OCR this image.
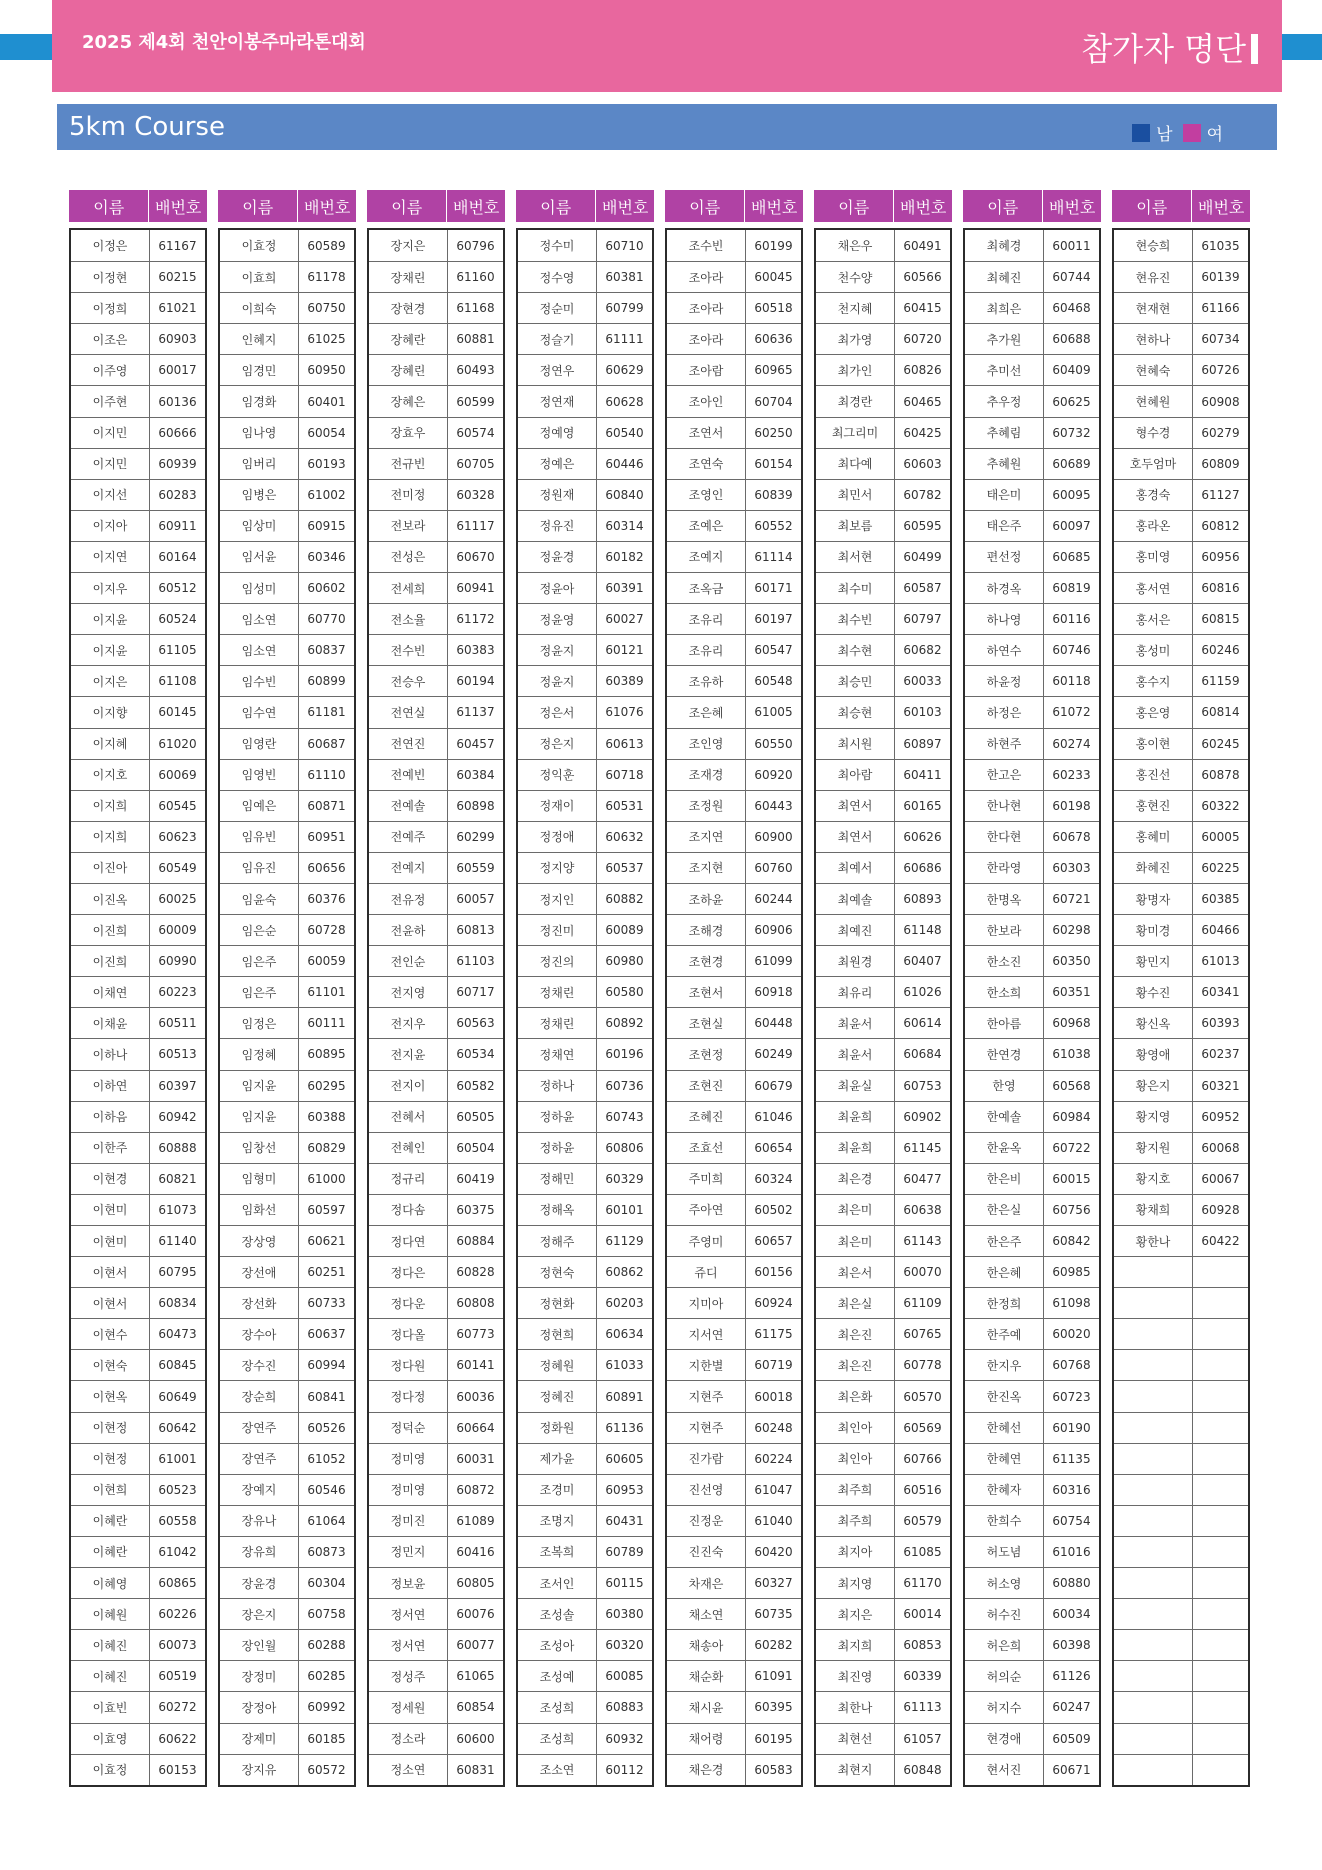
2025 제4회 천안이봉주마라톤대회	참가자 명단
5km Course	남 여
이름	배번호
이정은	61167
이정현	60215
이정희	61021
이조은	60903
이주영	60017
이주현	60136
이지민	60666
이지민	60939
이지선	60283
이지아	60911
이지연	60164
이지우	60512
이지윤	60524
이지윤	61105
이지은	61108
이지향	60145
이지혜	61020
이지호	60069
이지희	60545
이지희	60623
이진아	60549
이진옥	60025
이진희	60009
이진희	60990
이채연	60223
이채윤	60511
이하나	60513
이하연	60397
이하음	60942
이한주	60888
이현경	60821
이현미	61073
이현미	61140
이현서	60795
이현서	60834
이현수	60473
이현숙	60845
이현옥	60649
이현정	60642
이현정	61001
이현희	60523
이혜란	60558
이혜란	61042
이혜영	60865
이혜원	60226
이혜진	60073
이혜진	60519
이효빈	60272
이효영	60622
이효정	60153
이름	배번호
이효정	60589
이효희	61178
이희숙	60750
인혜지	61025
임경민	60950
임경화	60401
임나영	60054
임버리	60193
임병은	61002
임상미	60915
임서윤	60346
임성미	60602
임소연	60770
임소연	60837
임수빈	60899
임수연	61181
임영란	60687
임영빈	61110
임예은	60871
임유빈	60951
임유진	60656
임윤숙	60376
임은순	60728
임은주	60059
임은주	61101
임정은	60111
임정혜	60895
임지윤	60295
임지윤	60388
임창선	60829
임형미	61000
임화선	60597
장상영	60621
장선애	60251
장선화	60733
장수아	60637
장수진	60994
장순희	60841
장연주	60526
장연주	61052
장예지	60546
장유나	61064
장유희	60873
장윤경	60304
장은지	60758
장인월	60288
장정미	60285
장정아	60992
장제미	60185
장지유	60572
이름	배번호
장지은	60796
장채린	61160
장현경	61168
장혜란	60881
장혜린	60493
장혜은	60599
장효우	60574
전규빈	60705
전미정	60328
전보라	61117
전성은	60670
전세희	60941
전소율	61172
전수빈	60383
전승우	60194
전연실	61137
전연진	60457
전예빈	60384
전예솔	60898
전예주	60299
전예지	60559
전유정	60057
전윤하	60813
전인순	61103
전지영	60717
전지우	60563
전지윤	60534
전지이	60582
전혜서	60505
전혜인	60504
정규리	60419
정다솜	60375
정다연	60884
정다은	60828
정다운	60808
정다올	60773
정다원	60141
정다정	60036
정덕순	60664
정미영	60031
정미영	60872
정미진	61089
정민지	60416
정보윤	60805
정서연	60076
정서연	60077
정성주	61065
정세원	60854
정소라	60600
정소연	60831
이름	배번호
정수미	60710
정수영	60381
정순미	60799
정슬기	61111
정연우	60629
정연재	60628
정예영	60540
정예은	60446
정원재	60840
정유진	60314
정윤경	60182
정윤아	60391
정윤영	60027
정윤지	60121
정윤지	60389
정은서	61076
정은지	60613
정익훈	60718
정재이	60531
정정애	60632
정지양	60537
정지인	60882
정진미	60089
정진의	60980
정채린	60580
정채린	60892
정채연	60196
정하나	60736
정하윤	60743
정하윤	60806
정해민	60329
정해옥	60101
정해주	61129
정현숙	60862
정현화	60203
정현희	60634
정혜원	61033
정혜진	60891
정화원	61136
제가윤	60605
조경미	60953
조명지	60431
조복희	60789
조서인	60115
조성솔	60380
조성아	60320
조성예	60085
조성희	60883
조성희	60932
조소연	60112
이름	배번호
조수빈	60199
조아라	60045
조아라	60518
조아라	60636
조아람	60965
조아인	60704
조연서	60250
조연숙	60154
조영인	60839
조예은	60552
조예지	61114
조옥금	60171
조유리	60197
조유리	60547
조유하	60548
조은혜	61005
조인영	60550
조재경	60920
조정원	60443
조지연	60900
조지현	60760
조하윤	60244
조해경	60906
조현경	61099
조현서	60918
조현실	60448
조현정	60249
조현진	60679
조혜진	61046
조효선	60654
주미희	60324
주아연	60502
주영미	60657
쥬디	60156
지미아	60924
지서연	61175
지한별	60719
지현주	60018
지현주	60248
진가람	60224
진선영	61047
진정운	61040
진진숙	60420
차재은	60327
채소연	60735
채송아	60282
채순화	61091
채시윤	60395
채어령	60195
채은경	60583
이름	배번호
채은우	60491
천수양	60566
천지혜	60415
최가영	60720
최가인	60826
최경란	60465
최그리미	60425
최다예	60603
최민서	60782
최보름	60595
최서현	60499
최수미	60587
최수빈	60797
최수현	60682
최승민	60033
최승현	60103
최시원	60897
최아람	60411
최연서	60165
최연서	60626
최예서	60686
최예솔	60893
최예진	61148
최원경	60407
최유리	61026
최윤서	60614
최윤서	60684
최윤실	60753
최윤희	60902
최윤희	61145
최은경	60477
최은미	60638
최은미	61143
최은서	60070
최은실	61109
최은진	60765
최은진	60778
최은화	60570
최인아	60569
최인아	60766
최주희	60516
최주희	60579
최지아	61085
최지영	61170
최지은	60014
최지희	60853
최진영	60339
최한나	61113
최현선	61057
최현지	60848
이름	배번호
최혜경	60011
최혜진	60744
최희은	60468
추가원	60688
추미선	60409
추우정	60625
추혜림	60732
추혜원	60689
태은미	60095
태은주	60097
편선정	60685
하경옥	60819
하나영	60116
하연수	60746
하윤정	60118
하정은	61072
하현주	60274
한고은	60233
한나현	60198
한다현	60678
한라영	60303
한명옥	60721
한보라	60298
한소진	60350
한소희	60351
한아름	60968
한연경	61038
한영	60568
한예솔	60984
한윤옥	60722
한은비	60015
한은실	60756
한은주	60842
한은혜	60985
한정희	61098
한주예	60020
한지우	60768
한진옥	60723
한혜선	60190
한혜연	61135
한혜자	60316
한희수	60754
허도념	61016
허소영	60880
허수진	60034
허은희	60398
허의순	61126
허지수	60247
현경애	60509
현서진	60671
이름	배번호
현승희	61035
현유진	60139
현재현	61166
현하나	60734
현혜숙	60726
현혜원	60908
형수경	60279
호두엄마	60809
홍경숙	61127
홍라온	60812
홍미영	60956
홍서연	60816
홍서은	60815
홍성미	60246
홍수지	61159
홍은영	60814
홍이현	60245
홍진선	60878
홍현진	60322
홍혜미	60005
화혜진	60225
황명자	60385
황미경	60466
황민지	61013
황수진	60341
황신옥	60393
황영애	60237
황은지	60321
황지영	60952
황지원	60068
황지호	60067
황채희	60928
황한나	60422
